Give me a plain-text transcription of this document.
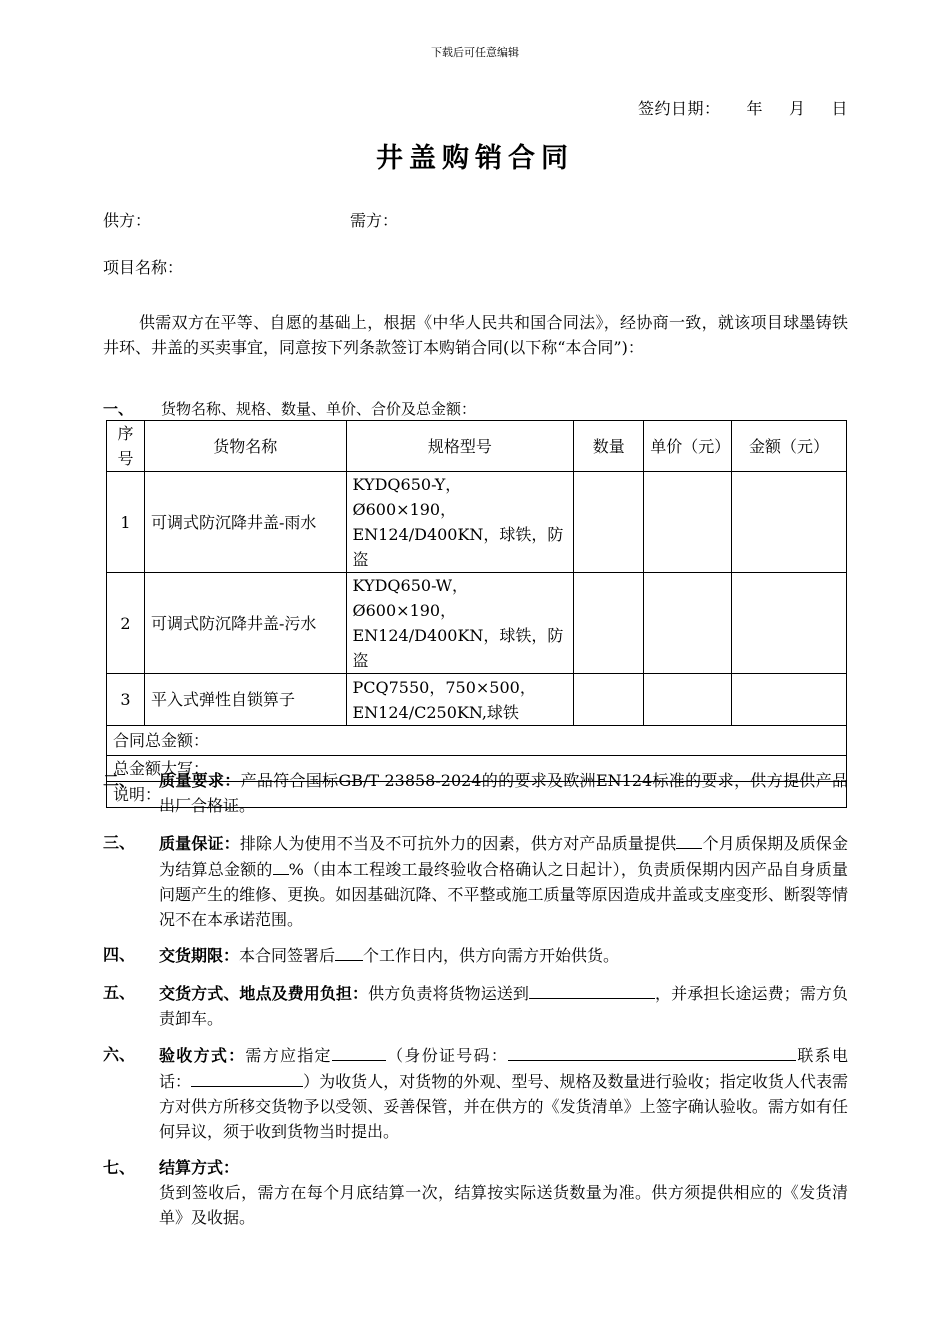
下载后可任意编辑
签约日期： 年 月 日
井盖购销合同
供方：	需方：
项目名称：
供需双方在平等、自愿的基础上，根据《中华人民共和国合同法》，经协商一致，就该项目球墨铸铁井环、井盖的买卖事宜，同意按下列条款签订本购销合同(以下称“本合同”)：
一、 货物名称、规格、数量、单价、合价及总金额：
序号	货物名称	规格型号	数量	单价（元）	金额（元）
1	可调式防沉降井盖-雨水	KYDQ650-Y， Ø600×190， EN124/D400KN，球铁，防盗			
2	可调式防沉降井盖-污水	KYDQ650-W， Ø600×190， EN124/D400KN，球铁，防盗			
3	平入式弹性自锁箅子	PCQ7550，750×500， EN124/C250KN,球铁			
合同总金额：					
总金额大写：					
说明：					
二、 质量要求：产品符合国标GB/T 23858-2024的的要求及欧洲EN124标准的要求，供方提供产品出厂合格证。
三、 质量保证：排除人为使用不当及不可抗外力的因素，供方对产品质量提供 个月质保期及质保金为结算总金额的 %（由本工程竣工最终验收合格确认之日起计），负责质保期内因产品自身质量问题产生的维修、更换。如因基础沉降、不平整或施工质量等原因造成井盖或支座变形、断裂等情况不在本承诺范围。
四、 交货期限：本合同签署后 个工作日内，供方向需方开始供货。
五、 交货方式、地点及费用负担：供方负责将货物运送到	，并承担长途运费；需方负责卸车。
六、 验收方式：需方应指定	（身份证号码：	联系电话：	）为收货人，对货物的外观、型号、规格及数量进行验收；指定收货人代表需方对供方所移交货物予以受领、妥善保管，并在供方的《发货清单》上签字确认验收。需方如有任何异议，须于收到货物当时提出。
七、 结算方式：
货到签收后，需方在每个月底结算一次，结算按实际送货数量为准。供方须提供相应的《发货清单》及收据。
